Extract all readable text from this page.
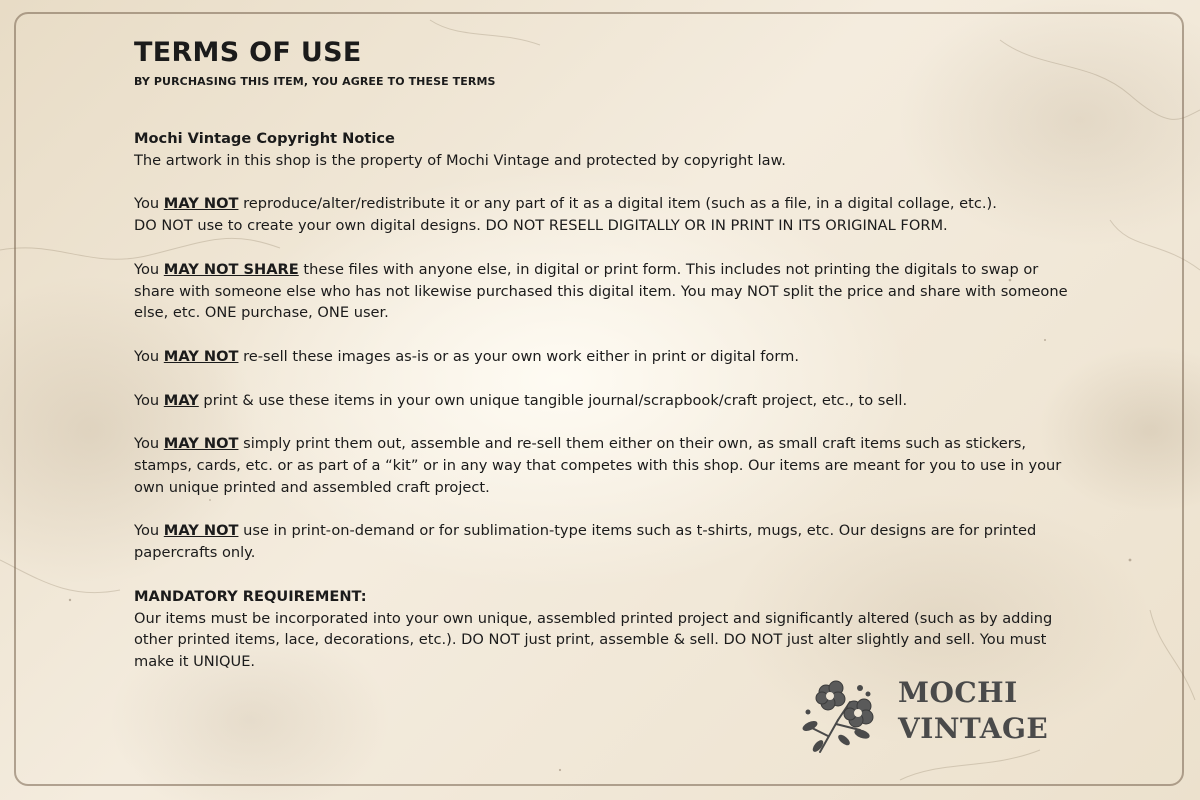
TERMS OF USE
BY PURCHASING THIS ITEM, YOU AGREE TO THESE TERMS

Mochi Vintage Copyright Notice
The artwork in this shop is the property of Mochi Vintage and protected by copyright law.

You MAY NOT reproduce/alter/redistribute it or any part of it as a digital item (such as a file, in a digital collage, etc.).
DO NOT use to create your own digital designs. DO NOT RESELL DIGITALLY OR IN PRINT IN ITS ORIGINAL FORM.

You MAY NOT SHARE these files with anyone else, in digital or print form. This includes not printing the digitals to swap or share with someone else who has not likewise purchased this digital item. You may NOT split the price and share with someone else, etc. ONE purchase, ONE user.

You MAY NOT re-sell these images as-is or as your own work either in print or digital form.

You MAY print & use these items in your own unique tangible journal/scrapbook/craft project, etc., to sell.

You MAY NOT simply print them out, assemble and re-sell them either on their own, as small craft items such as stickers, stamps, cards, etc. or as part of a “kit” or in any way that competes with this shop. Our items are meant for you to use in your own unique printed and assembled craft project.

You MAY NOT use in print-on-demand or for sublimation-type items such as t-shirts, mugs, etc. Our designs are for printed papercrafts only.

MANDATORY REQUIREMENT:
Our items must be incorporated into your own unique, assembled printed project and significantly altered (such as by adding other printed items, lace, decorations, etc.). DO NOT just print, assemble & sell. DO NOT just alter slightly and sell. You must make it UNIQUE.

MOCHI
VINTAGE
